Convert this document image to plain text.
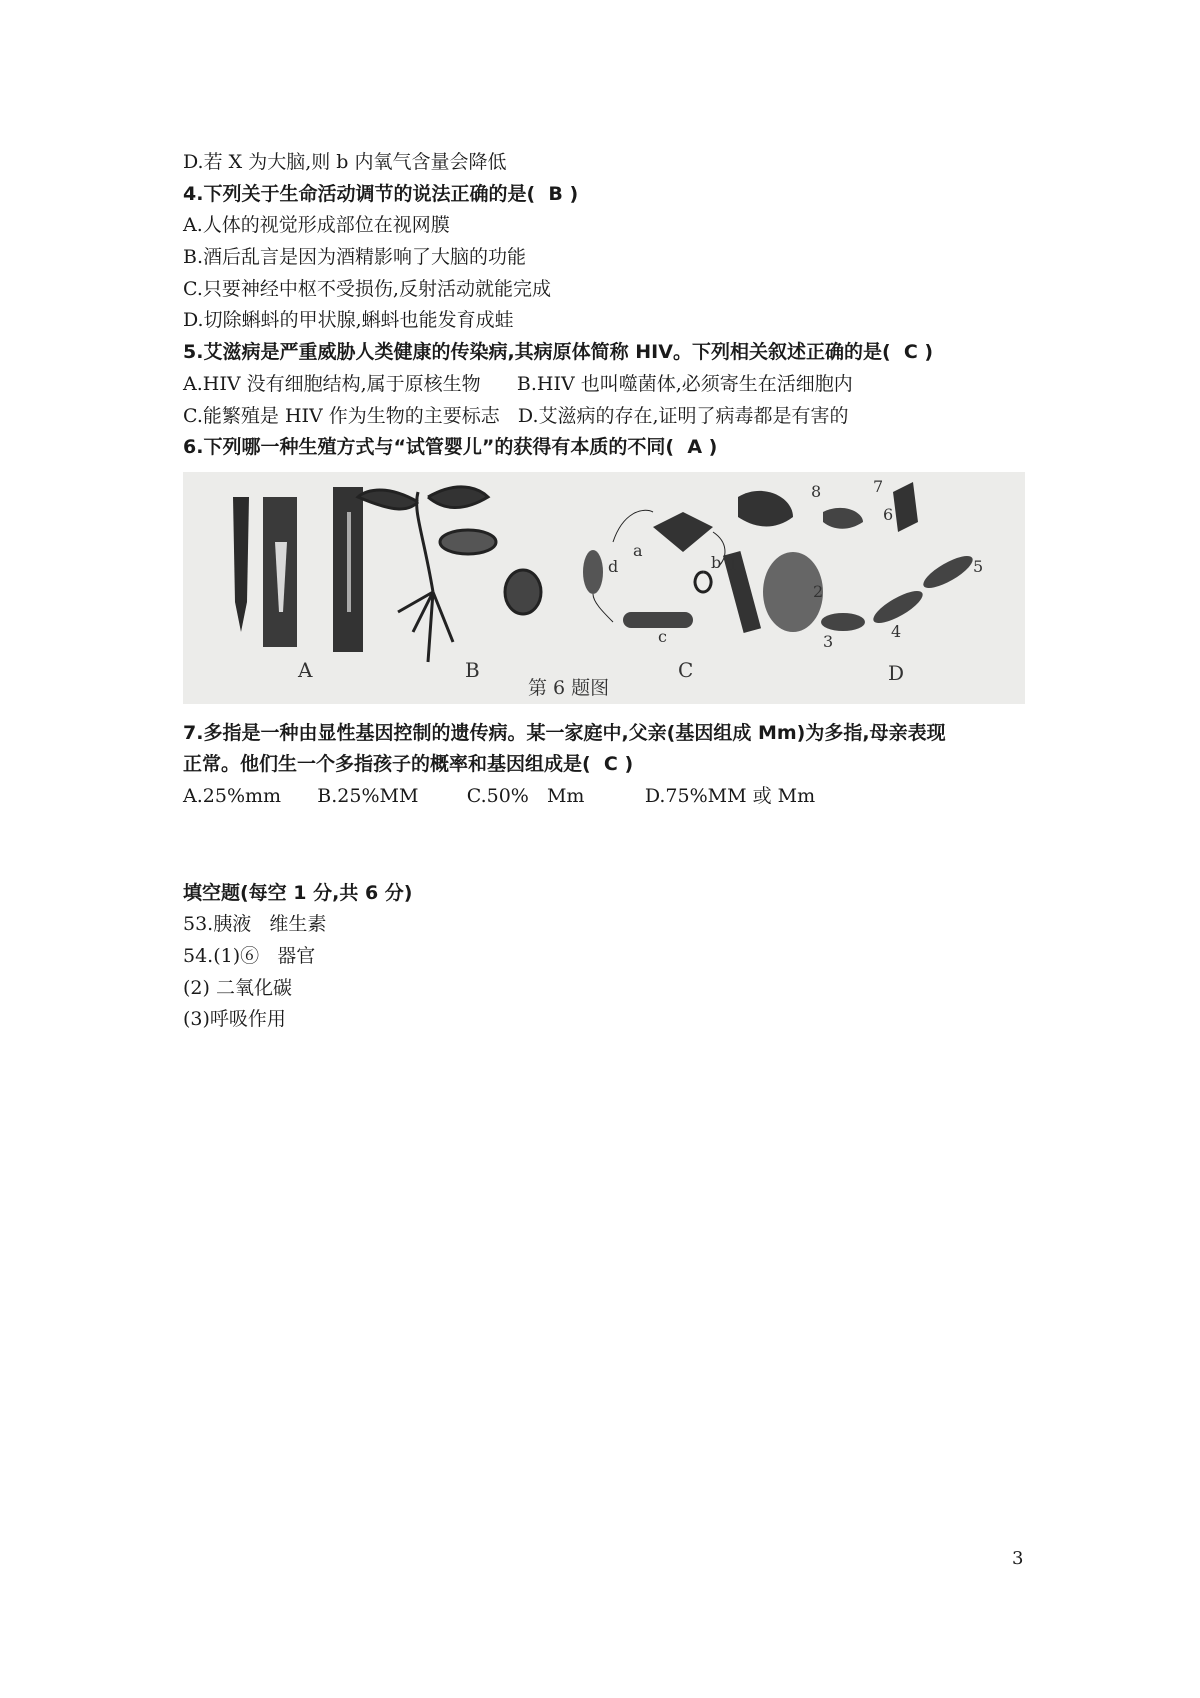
D.若 X 为大脑,则 b 内氧气含量会降低
4.下列关于生命活动调节的说法正确的是(  B )
A.人体的视觉形成部位在视网膜
B.酒后乱言是因为酒精影响了大脑的功能
C.只要神经中枢不受损伤,反射活动就能完成
D.切除蝌蚪的甲状腺,蝌蚪也能发育成蛙
5.艾滋病是严重威胁人类健康的传染病,其病原体简称 HIV。下列相关叙述正确的是(  C )
A.HIV 没有细胞结构,属于原核生物      B.HIV 也叫噬菌体,必须寄生在活细胞内
C.能繁殖是 HIV 作为生物的主要标志   D.艾滋病的存在,证明了病毒都是有害的
6.下列哪一种生殖方式与“试管婴儿”的获得有本质的不同(  A )
a
b
c
d	1
2
3
4
5
6
7
8
A	B	C	D
第 6 题图
7.多指是一种由显性基因控制的遗传病。某一家庭中,父亲(基因组成 Mm)为多指,母亲表现
正常。他们生一个多指孩子的概率和基因组成是(  C )
A.25%mm      B.25%MM        C.50%   Mm          D.75%MM 或 Mm
填空题(每空 1 分,共 6 分)
53.胰液   维生素
54.(1)⑥   器官
(2) 二氧化碳
(3)呼吸作用
3
